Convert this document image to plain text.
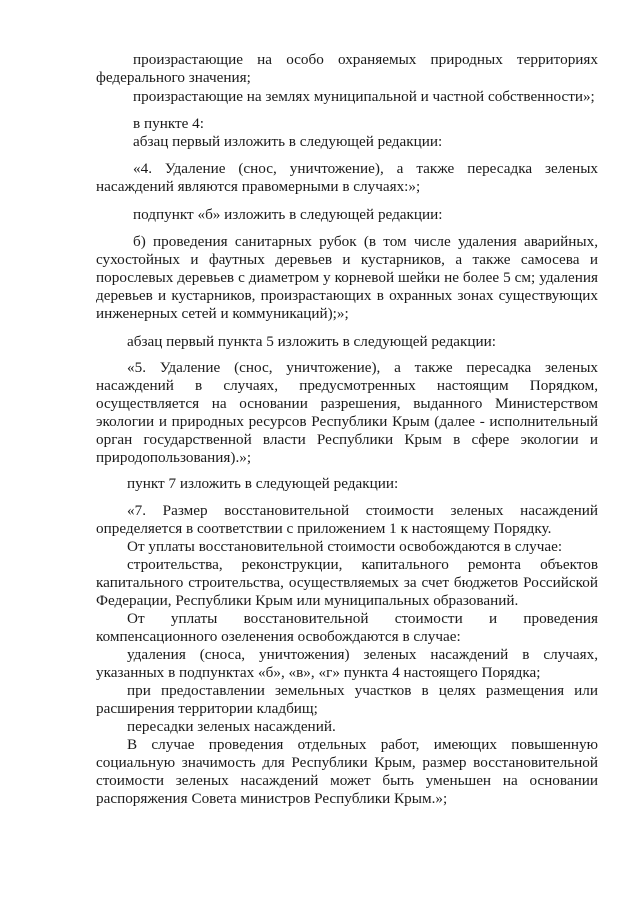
произрастающие на особо охраняемых природных территориях
федерального значения;
произрастающие на землях муниципальной и частной собственности»;
в пункте 4:
абзац первый изложить в следующей редакции:
«4. Удаление (снос, уничтожение), а также пересадка зеленых
насаждений являются правомерными в случаях:»;
подпункт «б» изложить в следующей редакции:
б) проведения санитарных рубок (в том числе удаления аварийных,
сухостойных и фаутных деревьев и кустарников, а также самосева и
порослевых деревьев с диаметром у корневой шейки не более 5 см; удаления
деревьев и кустарников, произрастающих в охранных зонах существующих
инженерных сетей и коммуникаций);»;
абзац первый пункта 5 изложить в следующей редакции:
«5. Удаление (снос, уничтожение), а также пересадка зеленых
насаждений в случаях, предусмотренных настоящим Порядком,
осуществляется на основании разрешения, выданного Министерством
экологии и природных ресурсов Республики Крым (далее - исполнительный
орган государственной власти Республики Крым в сфере экологии и
природопользования).»;
пункт 7 изложить в следующей редакции:
«7. Размер восстановительной стоимости зеленых насаждений
определяется в соответствии с приложением 1 к настоящему Порядку.
От уплаты восстановительной стоимости освобождаются в случае:
строительства, реконструкции, капитального ремонта объектов
капитального строительства, осуществляемых за счет бюджетов Российской
Федерации, Республики Крым или муниципальных образований.
От уплаты восстановительной стоимости и проведения
компенсационного озеленения освобождаются в случае:
удаления (сноса, уничтожения) зеленых насаждений в случаях,
указанных в подпунктах «б», «в», «г» пункта 4 настоящего Порядка;
при предоставлении земельных участков в целях размещения или
расширения территории кладбищ;
пересадки зеленых насаждений.
В случае проведения отдельных работ, имеющих повышенную
социальную значимость для Республики Крым, размер восстановительной
стоимости зеленых насаждений может быть уменьшен на основании
распоряжения Совета министров Республики Крым.»;
